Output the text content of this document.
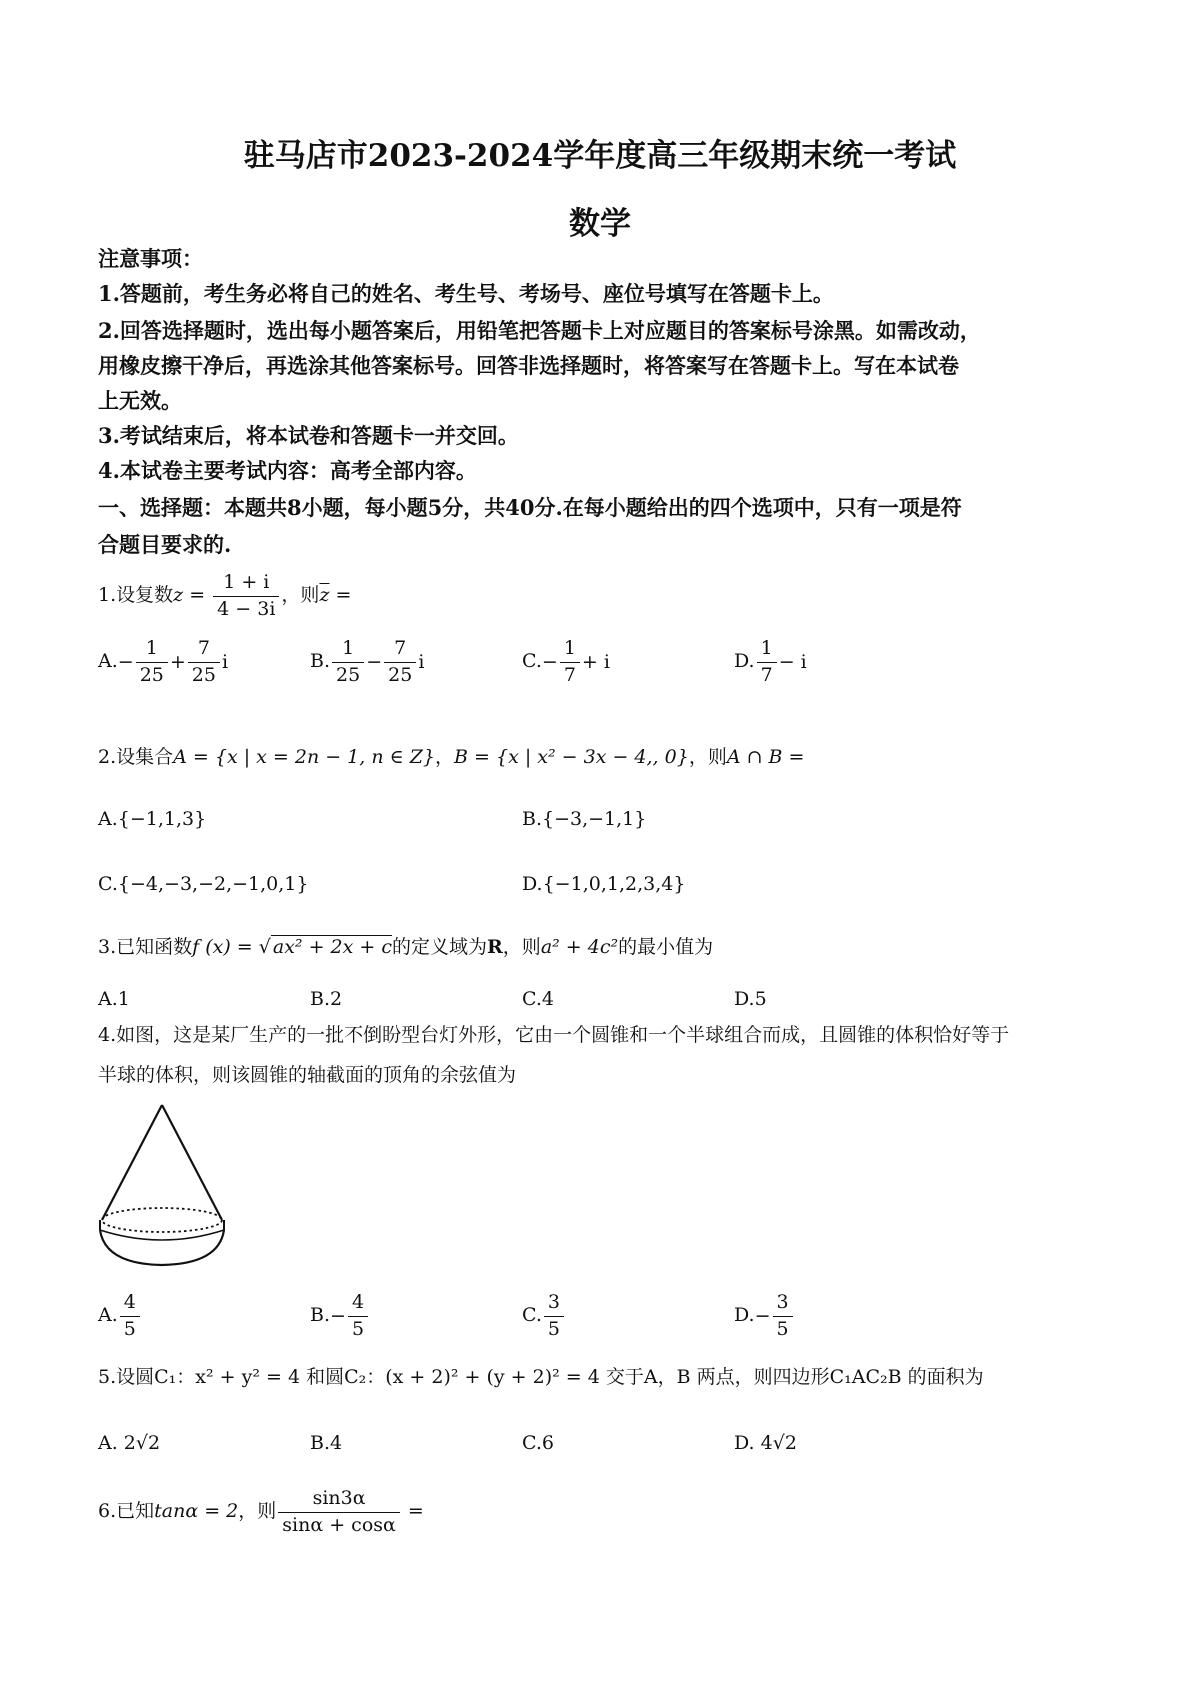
驻马店市2023-2024学年度高三年级期末统一考试
数学
注意事项：
1.答题前，考生务必将自己的姓名、考生号、考场号、座位号填写在答题卡上。
2.回答选择题时，选出每小题答案后，用铅笔把答题卡上对应题目的答案标号涂黑。如需改动，
用橡皮擦干净后，再选涂其他答案标号。回答非选择题时，将答案写在答题卡上。写在本试卷
上无效。
3.考试结束后，将本试卷和答题卡一并交回。
4.本试卷主要考试内容：高考全部内容。
一、选择题：本题共8小题，每小题5分，共40分.在每小题给出的四个选项中，只有一项是符
合题目要求的.
1.设复数$z = \frac{1 + i}{4 - 3i}$ ，则$\overline{z}$ =
$A.- \frac{1}{25} + \frac{7}{25}$ i	B. $\frac{1}{25} - \frac{7}{25}$ i	$C.- \frac{1}{7} + i$	D. $\frac{1}{7} - i$
2.设集合A = {x | x = 2n − 1, n ∈ Z}，B = {x | x² − 3x − 4,, 0}，则A ∩ B =
A.{−1,1,3}	B.{−3,−1,1}
C.{−4,−3,−2,−1,0,1}	D.{−1,0,1,2,3,4}
3.已知函数f (x) = √ ax² + 2x + c的定义域为R，则a² + 4c²的最小值为
A.1	B.2	C.4	D.5
4.如图，这是某厂生产的一批不倒盼型台灯外形，它由一个圆锥和一个半球组合而成，且圆锥的体积恰好等于
半球的体积，则该圆锥的轴截面的顶角的余弦值为
A. $\frac{4}{5}$	$B.- \frac{4}{5}$	C. $\frac{3}{5}$	$D.- \frac{3}{5}$
5.设圆C₁：x² + y² = 4 和圆C₂：(x + 2)² + (y + 2)² = 4 交于A，B 两点，则四边形C₁AC₂B 的面积为
A. 2√2	B.4	C.6	D. 4√2
6.已知tanα = 2，则 $\frac{\sin 3\alpha}{\sin\alpha + \cos\alpha}$ =
